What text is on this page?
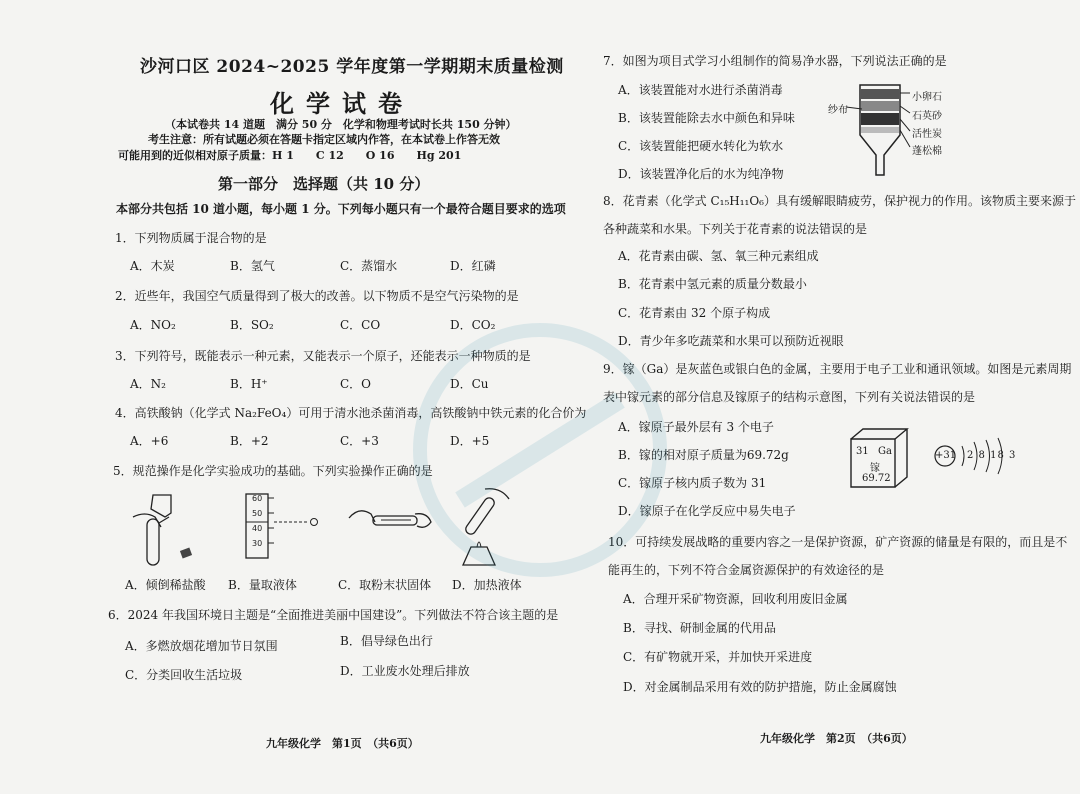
沙河口区 2024~2025 学年度第一学期期末质量检测
化学试卷
（本试卷共 14 道题　满分 50 分　化学和物理考试时长共 150 分钟）
考生注意：所有试题必须在答题卡指定区域内作答，在本试卷上作答无效
可能用到的近似相对原子质量：H 1　　C 12　　O 16　　Hg 201
第一部分　选择题（共 10 分）
本部分共包括 10 道小题，每小题 1 分。下列每小题只有一个最符合题目要求的选项
1．下列物质属于混合物的是
A．木炭	B．氢气	C．蒸馏水	D．红磷
2．近些年，我国空气质量得到了极大的改善。以下物质不是空气污染物的是
A．NO₂	B．SO₂	C．CO	D．CO₂
3．下列符号，既能表示一种元素，又能表示一个原子，还能表示一种物质的是
A．N₂	B．H⁺	C．O	D．Cu
4．高铁酸钠（化学式 Na₂FeO₄）可用于清水池杀菌消毒，高铁酸钠中铁元素的化合价为
A．+6	B．+2	C．+3	D．+5
5．规范操作是化学实验成功的基础。下列实验操作正确的是
60
50
40
30
A．倾倒稀盐酸 B．量取液体	C．取粉末状固体 D．加热液体
6．2024 年我国环境日主题是“全面推进美丽中国建设”。下列做法不符合该主题的是
A．多燃放烟花增加节日氛围	B．倡导绿色出行
C．分类回收生活垃圾	D．工业废水处理后排放
九年级化学　第1页　（共6页）
7．如图为项目式学习小组制作的简易净水器，下列说法正确的是
A．该装置能对水进行杀菌消毒
B．该装置能除去水中颜色和异味
C．该装置能把硬水转化为软水
D．该装置净化后的水为纯净物
小卵石
石英砂
活性炭
蓬松棉
纱布
8．花青素（化学式 C₁₅H₁₁O₆）具有缓解眼睛疲劳，保护视力的作用。该物质主要来源于
各种蔬菜和水果。下列关于花青素的说法错误的是
A．花青素由碳、氢、氧三种元素组成
B．花青素中氢元素的质量分数最小
C．花青素由 32 个原子构成
D．青少年多吃蔬菜和水果可以预防近视眼
9．镓（Ga）是灰蓝色或银白色的金属，主要用于电子工业和通讯领域。如图是元素周期
表中镓元素的部分信息及镓原子的结构示意图，下列有关说法错误的是
A．镓原子最外层有 3 个电子
B．镓的相对原子质量为69.72g
C．镓原子核内质子数为 31
D．镓原子在化学反应中易失电子
31 Ga
镓
69.72
+31 2 8 18 3
10．可持续发展战略的重要内容之一是保护资源，矿产资源的储量是有限的，而且是不
能再生的，下列不符合金属资源保护的有效途径的是
A．合理开采矿物资源，回收利用废旧金属
B．寻找、研制金属的代用品
C．有矿物就开采，并加快开采进度
D．对金属制品采用有效的防护措施，防止金属腐蚀
九年级化学　第2页　（共6页）
